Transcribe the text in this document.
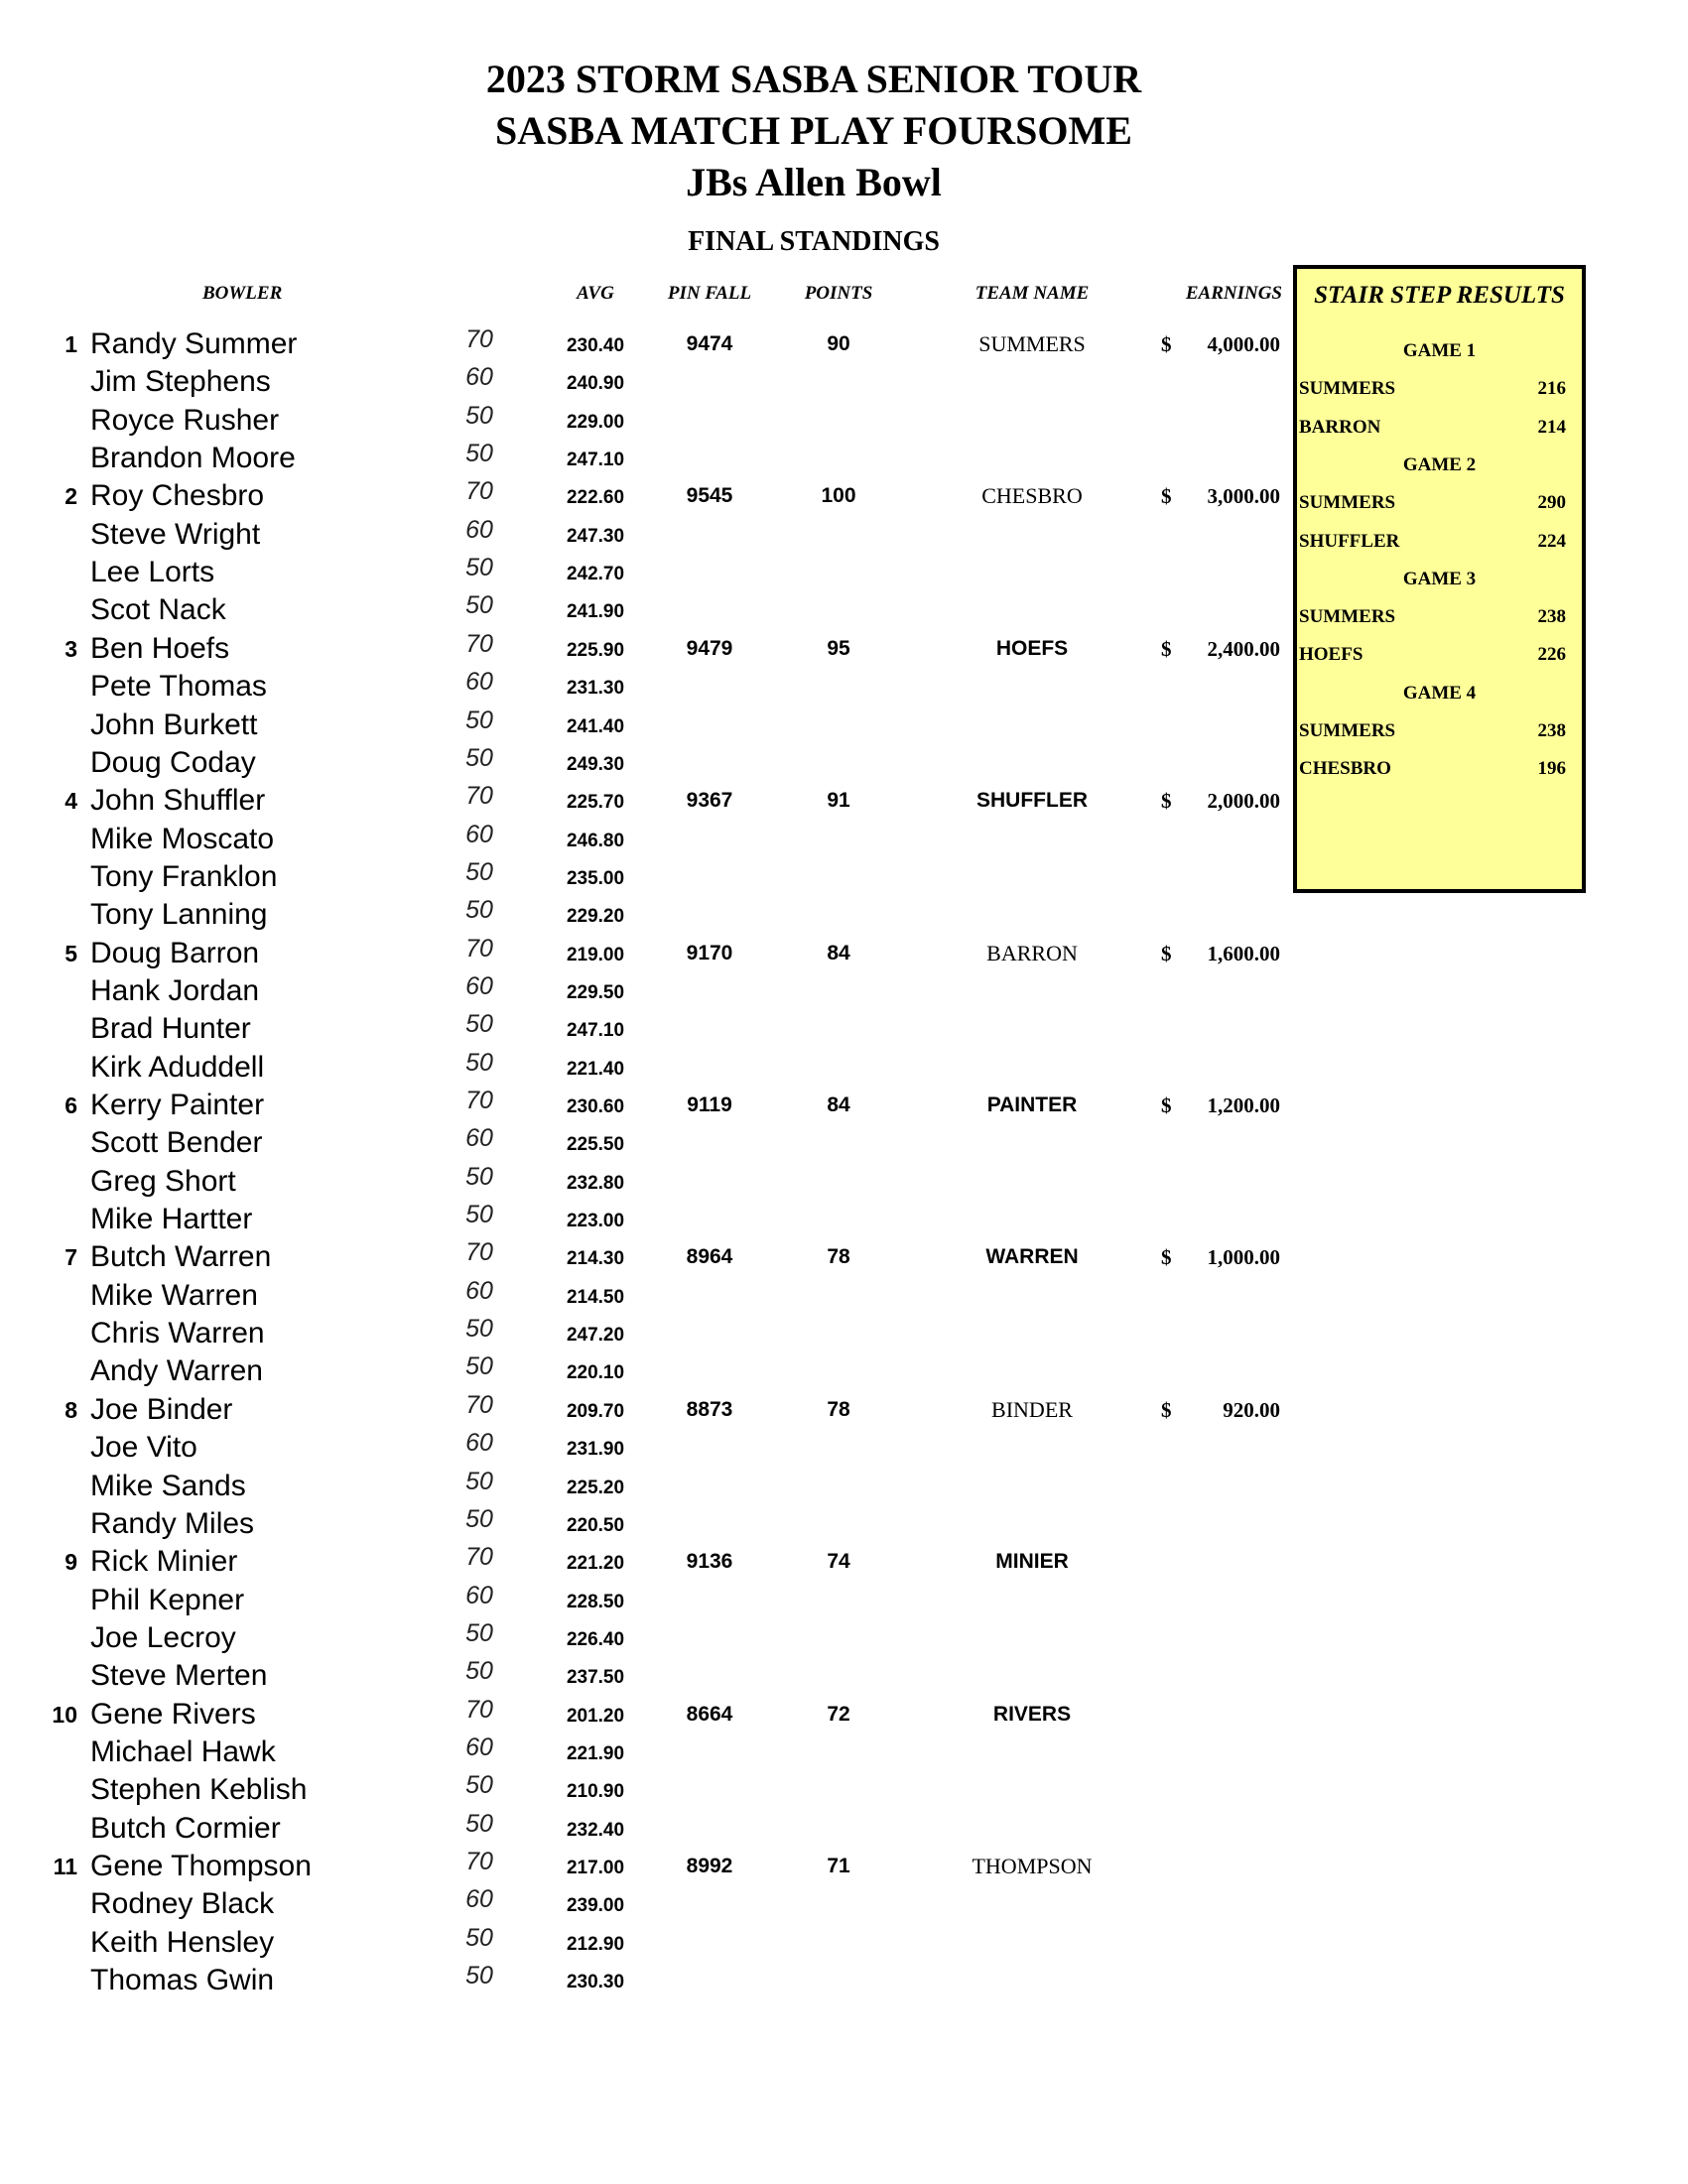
2023 STORM SASBA SENIOR TOUR
SASBA MATCH PLAY FOURSOME
JBs Allen Bowl
FINAL STANDINGS
BOWLER	AVG	PIN FALL	POINTS	TEAM NAME	EARNINGS
1 Randy Summer	70	230.40	9474	90	SUMMERS	$ 4,000.00
Jim Stephens	60	240.90
Royce Rusher	50	229.00
Brandon Moore	50	247.10
2 Roy Chesbro	70	222.60	9545	100	CHESBRO	$ 3,000.00
Steve Wright	60	247.30
Lee Lorts	50	242.70
Scot Nack	50	241.90
3 Ben Hoefs	70	225.90	9479	95	HOEFS	$ 2,400.00
Pete Thomas	60	231.30
John Burkett	50	241.40
Doug Coday	50	249.30
4 John Shuffler	70	225.70	9367	91	SHUFFLER	$ 2,000.00
Mike Moscato	60	246.80
Tony Franklon	50	235.00
Tony Lanning	50	229.20
5 Doug Barron	70	219.00	9170	84	BARRON	$ 1,600.00
Hank Jordan	60	229.50
Brad Hunter	50	247.10
Kirk Aduddell	50	221.40
6 Kerry Painter	70	230.60	9119	84	PAINTER	$ 1,200.00
Scott Bender	60	225.50
Greg Short	50	232.80
Mike Hartter	50	223.00
7 Butch Warren	70	214.30	8964	78	WARREN	$ 1,000.00
Mike Warren	60	214.50
Chris Warren	50	247.20
Andy Warren	50	220.10
8 Joe Binder	70	209.70	8873	78	BINDER	$ 920.00
Joe Vito	60	231.90
Mike Sands	50	225.20
Randy Miles	50	220.50
9 Rick Minier	70	221.20	9136	74	MINIER
Phil Kepner	60	228.50
Joe Lecroy	50	226.40
Steve Merten	50	237.50
10 Gene Rivers	70	201.20	8664	72	RIVERS
Michael Hawk	60	221.90
Stephen Keblish	50	210.90
Butch Cormier	50	232.40
11 Gene Thompson	70	217.00	8992	71	THOMPSON
Rodney Black	60	239.00
Keith Hensley	50	212.90
Thomas Gwin	50	230.30
STAIR STEP RESULTS
GAME 1
SUMMERS	216
BARRON	214
GAME 2
SUMMERS	290
SHUFFLER	224
GAME 3
SUMMERS	238
HOEFS	226
GAME 4
SUMMERS	238
CHESBRO	196
